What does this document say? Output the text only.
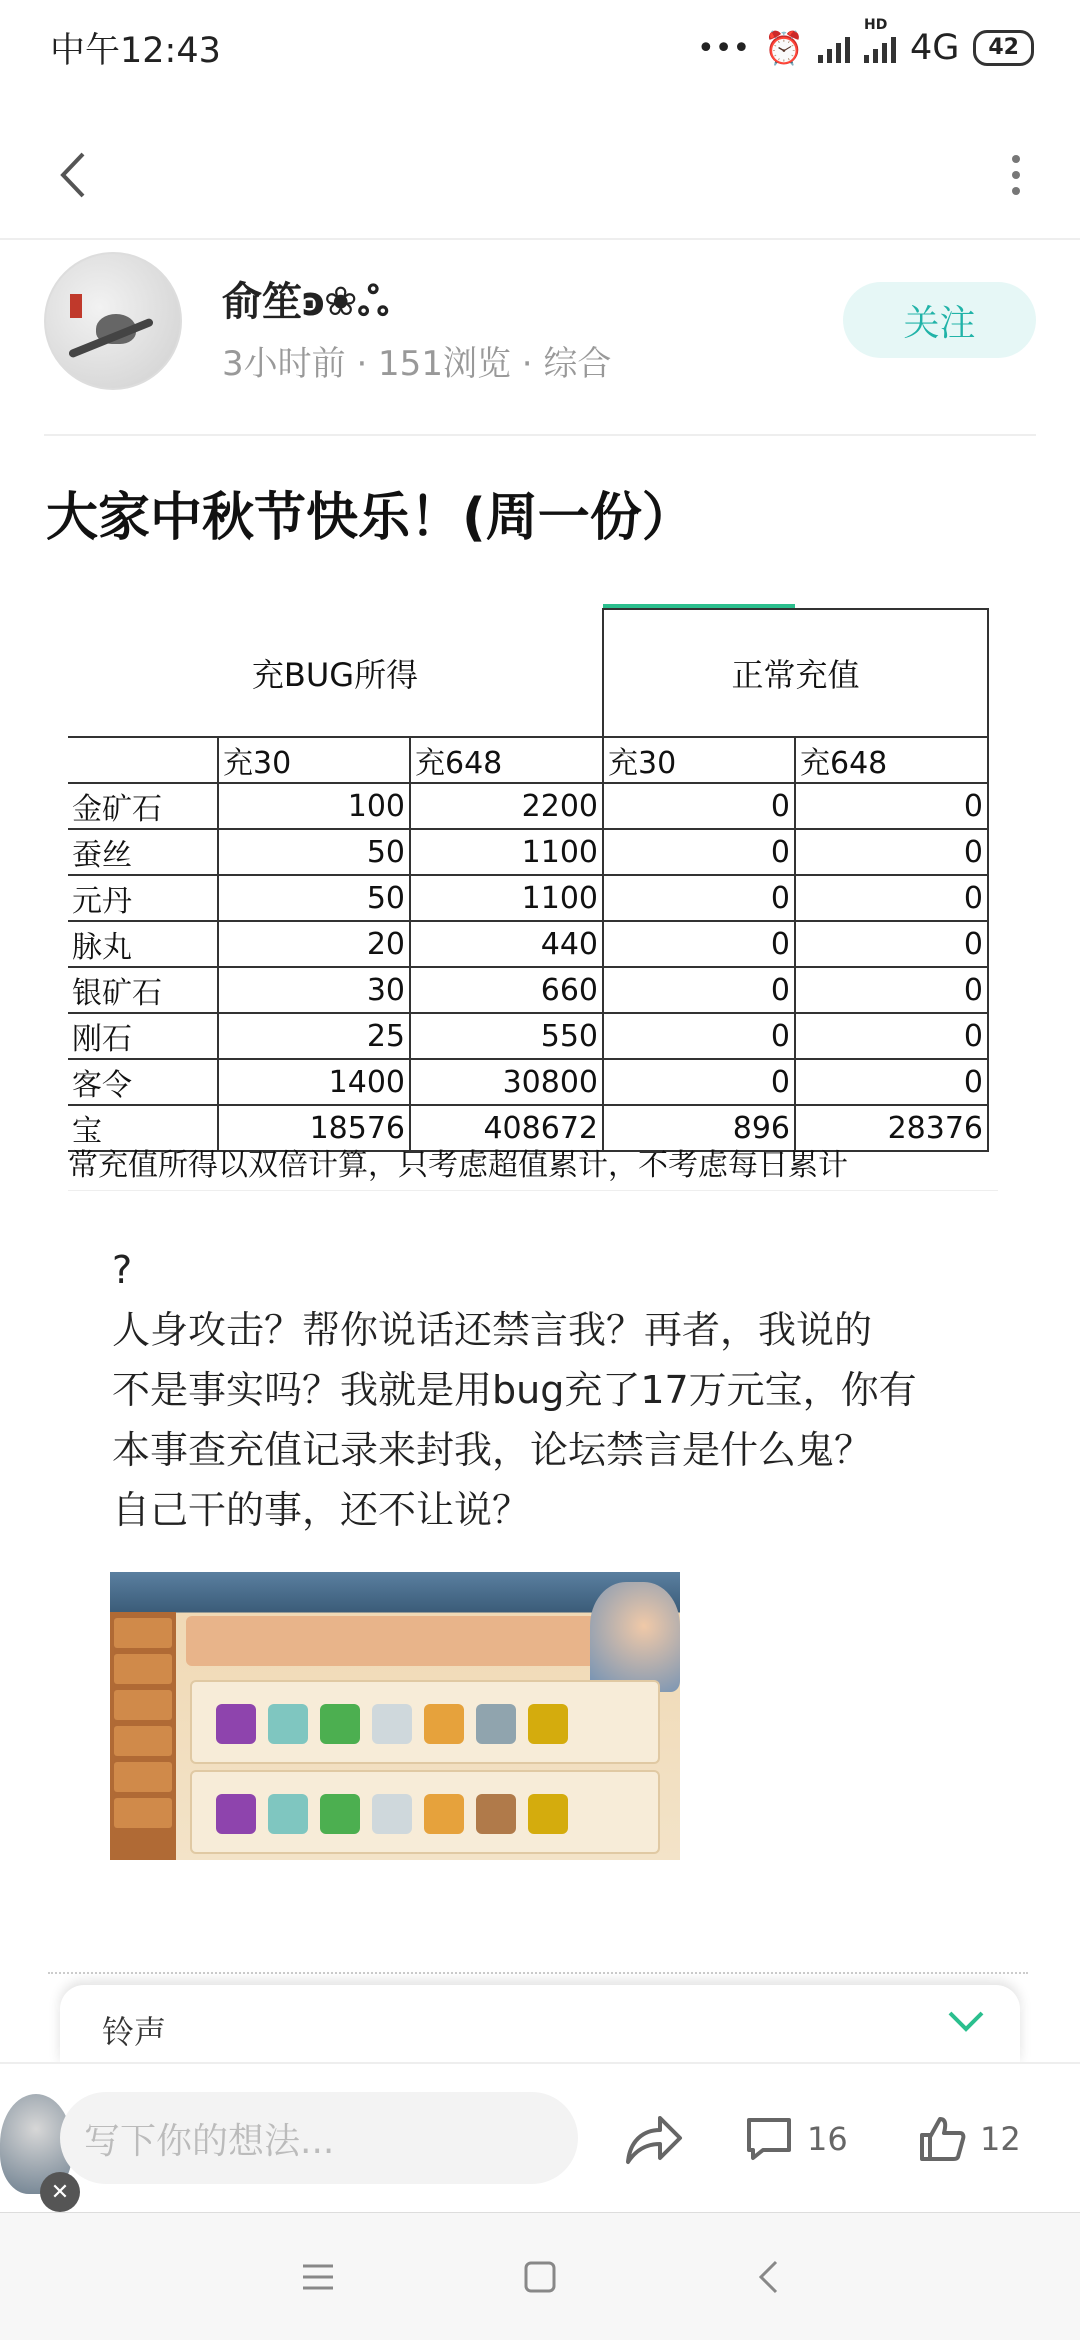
中午12:43	••• ⏰
HD
4G	42
俞笙ͽ❀ஃ
3小时前 · 151浏览 · 综合
关注
大家中秋节快乐！(周一份）
充BUG所得			正常充值	
	充30	充648	充30	充648
金矿石	100	2200	0	0
蚕丝	50	1100	0	0
元丹	50	1100	0	0
脉丸	20	440	0	0
银矿石	30	660	0	0
刚石	25	550	0	0
客令	1400	30800	0	0
宝	18576	408672	896	28376
常充值所得以双倍计算，只考虑超值累计，不考虑每日累计

?

人身攻击？帮你说话还禁言我？再者，我说的

不是事实吗？我就是用bug充了17万元宝，你有

本事查充值记录来封我，论坛禁言是什么鬼？

自己干的事，还不让说？

铃声
✕
写下你的想法...	16	12
